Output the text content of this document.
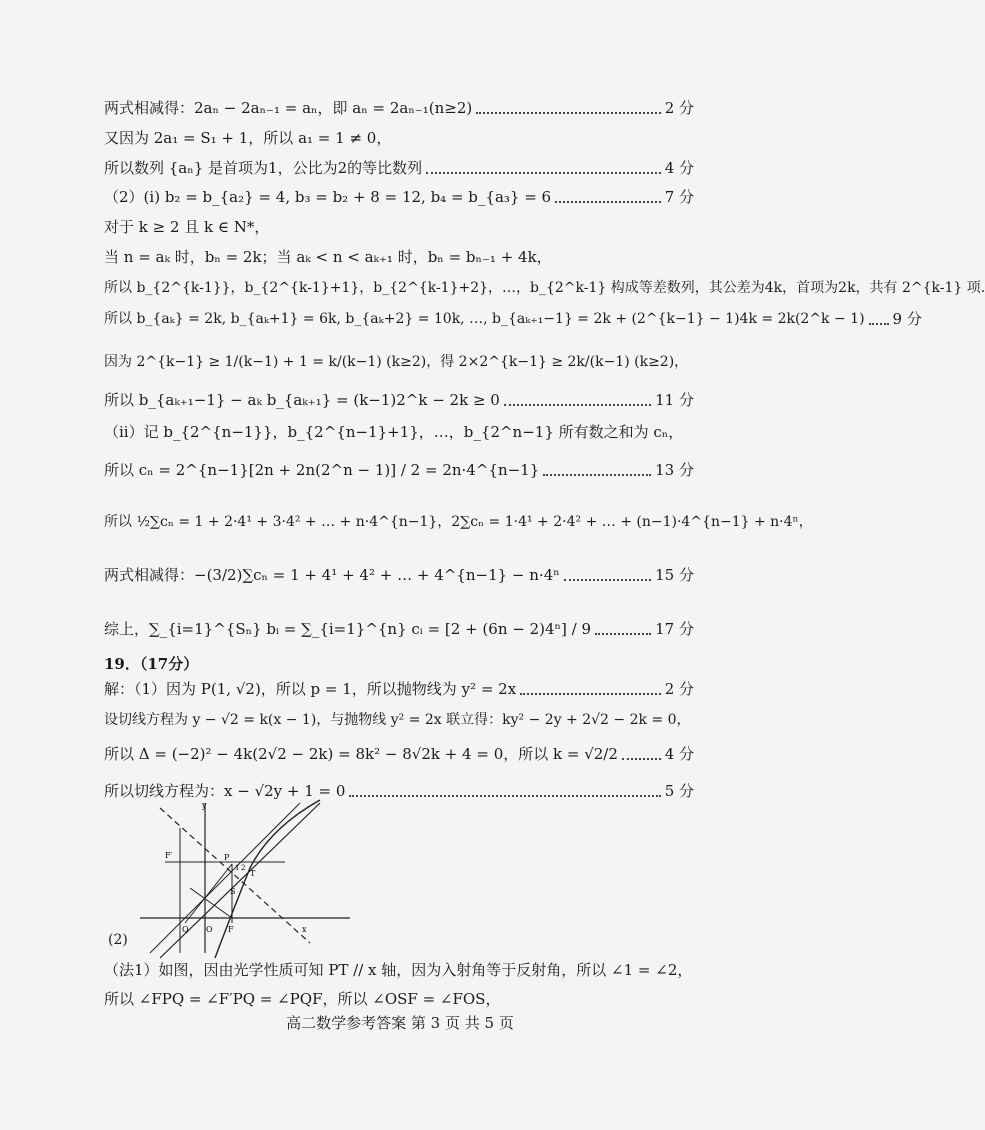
两式相减得：2aₙ − 2aₙ₋₁ = aₙ，即 aₙ = 2aₙ₋₁(n≥2)	2 分
又因为 2a₁ = S₁ + 1，所以 a₁ = 1 ≠ 0，
所以数列 {aₙ} 是首项为1，公比为2的等比数列	4 分
（2）(i) b₂ = b_{a₂} = 4, b₃ = b₂ + 8 = 12, b₄ = b_{a₃} = 6	7 分
对于 k ≥ 2 且 k ∈ N*，
当 n = aₖ 时，bₙ = 2k；当 aₖ < n < aₖ₊₁ 时，bₙ = bₙ₋₁ + 4k，
所以 b_{2^{k-1}}，b_{2^{k-1}+1}，b_{2^{k-1}+2}，…，b_{2^k-1} 构成等差数列，其公差为4k，首项为2k，共有 2^{k-1} 项.
所以 b_{aₖ} = 2k, b_{aₖ+1} = 6k, b_{aₖ+2} = 10k, …, b_{aₖ₊₁−1} = 2k + (2^{k−1} − 1)4k = 2k(2^k − 1) 9 分
因为 2^{k−1} ≥ 1/(k−1) + 1 = k/(k−1) (k≥2)，得 2×2^{k−1} ≥ 2k/(k−1) (k≥2)，
所以 b_{aₖ₊₁−1} − aₖ b_{aₖ₊₁} = (k−1)2^k − 2k ≥ 0	11 分
（ii）记 b_{2^{n−1}}，b_{2^{n−1}+1}，…，b_{2^n−1} 所有数之和为 cₙ，
所以 cₙ = 2^{n−1}[2n + 2n(2^n − 1)] / 2 = 2n·4^{n−1}	13 分
所以 ½∑cₙ = 1 + 2·4¹ + 3·4² + … + n·4^{n−1}，2∑cₙ = 1·4¹ + 2·4² + … + (n−1)·4^{n−1} + n·4ⁿ，
两式相减得：−(3/2)∑cₙ = 1 + 4¹ + 4² + … + 4^{n−1} − n·4ⁿ	15 分
综上，∑_{i=1}^{Sₙ} bᵢ = ∑_{i=1}^{n} cᵢ = [2 + (6n − 2)4ⁿ] / 9	17 分
19．（17分）
解：（1）因为 P(1, √2)，所以 p = 1，所以抛物线为 y² = 2x	2 分
设切线方程为 y − √2 = k(x − 1)，与抛物线 y² = 2x 联立得：ky² − 2y + 2√2 − 2k = 0，
所以 Δ = (−2)² − 4k(2√2 − 2k) = 8k² − 8√2k + 4 = 0，所以 k = √2/2	4 分
所以切线方程为：x − √2y + 1 = 0	5 分
y
F′	P
T
S
Q O F	x
1 2
(2)
（法1）如图，因由光学性质可知 PT // x 轴，因为入射角等于反射角，所以 ∠1 = ∠2，
所以 ∠FPQ = ∠F′PQ = ∠PQF，所以 ∠OSF = ∠FOS，
高二数学参考答案 第 3 页 共 5 页
